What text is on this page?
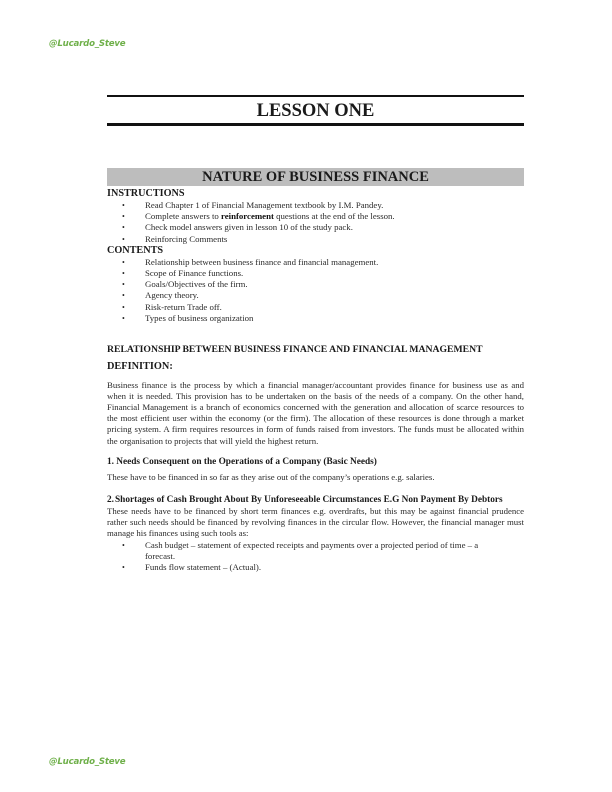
@Lucardo_Steve
LESSON ONE
NATURE OF BUSINESS FINANCE
INSTRUCTIONS
• Read Chapter 1 of Financial Management textbook by I.M. Pandey.
• Complete answers to reinforcement questions at the end of the lesson.
• Check model answers given in lesson 10 of the study pack.
• Reinforcing Comments
CONTENTS
• Relationship between business finance and financial management.
• Scope of Finance functions.
• Goals/Objectives of the firm.
• Agency theory.
• Risk-return Trade off.
• Types of business organization
RELATIONSHIP BETWEEN BUSINESS FINANCE AND FINANCIAL MANAGEMENT
DEFINITION:
Business finance is the process by which a financial manager/accountant provides finance for business use as and when it is needed. This provision has to be undertaken on the basis of the needs of a company. On the other hand, Financial Management is a branch of economics concerned with the generation and allocation of scarce resources to the most efficient user within the economy (or the firm). The allocation of these resources is done through a market pricing system. A firm requires resources in form of funds raised from investors. The funds must be allocated within the organisation to projects that will yield the highest return.
1. Needs Consequent on the Operations of a Company (Basic Needs)
These have to be financed in so far as they arise out of the company’s operations e.g. salaries.
2. Shortages of Cash Brought About By Unforeseeable Circumstances E.G Non Payment By Debtors
These needs have to be financed by short term finances e.g. overdrafts, but this may be against financial prudence rather such needs should be financed by revolving finances in the circular flow. However, the financial manager must manage his finances using such tools as:
• Cash budget – statement of expected receipts and payments over a projected period of time – a forecast.
• Funds flow statement – (Actual).
@Lucardo_Steve
